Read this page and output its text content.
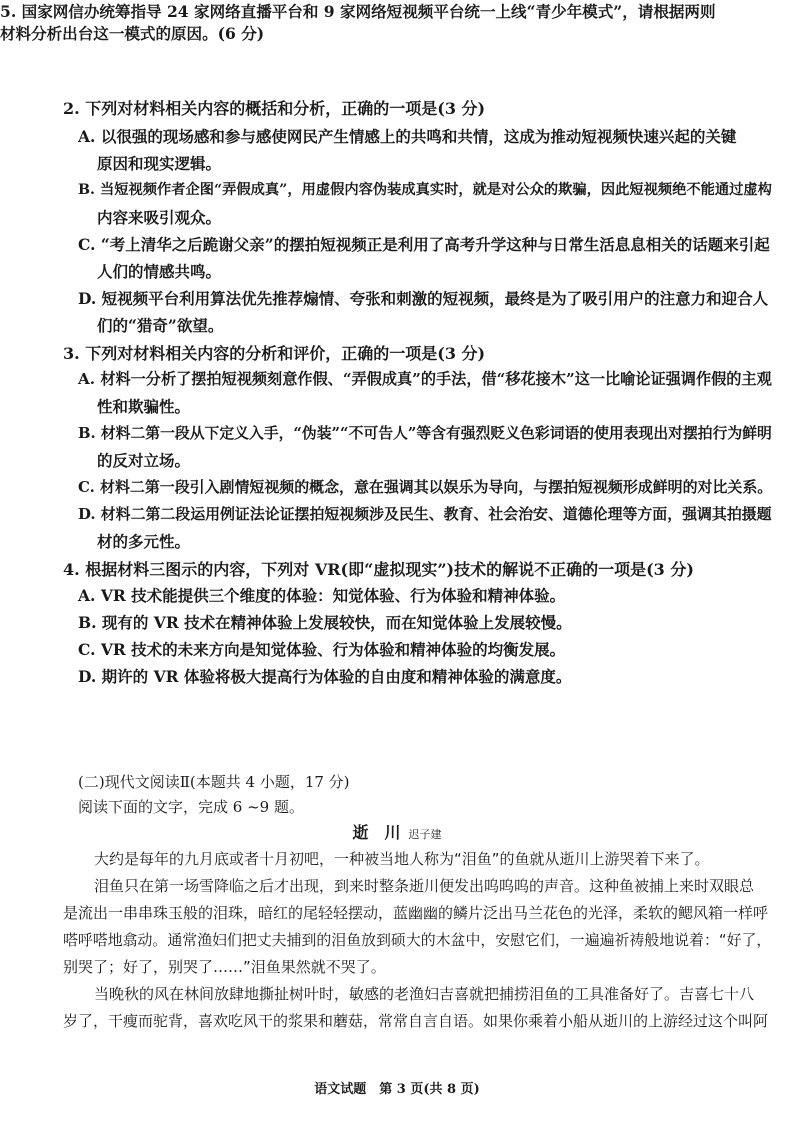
2. 下列对材料相关内容的概括和分析，正确的一项是(3 分)
A. 以很强的现场感和参与感使网民产生情感上的共鸣和共情，这成为推动短视频快速兴起的关键
原因和现实逻辑。
B. 当短视频作者企图“弄假成真”，用虚假内容伪装成真实时，就是对公众的欺骗，因此短视频绝不能通过虚构
内容来吸引观众。
C. “考上清华之后跪谢父亲”的摆拍短视频正是利用了高考升学这种与日常生活息息相关的话题来引起
人们的情感共鸣。
D. 短视频平台利用算法优先推荐煽情、夸张和刺激的短视频，最终是为了吸引用户的注意力和迎合人
们的“猎奇”欲望。
3. 下列对材料相关内容的分析和评价，正确的一项是(3 分)
A. 材料一分析了摆拍短视频刻意作假、“弄假成真”的手法，借“移花接木”这一比喻论证强调作假的主观
性和欺骗性。
B. 材料二第一段从下定义入手，“伪装”“不可告人”等含有强烈贬义色彩词语的使用表现出对摆拍行为鲜明
的反对立场。
C. 材料二第一段引入剧情短视频的概念，意在强调其以娱乐为导向，与摆拍短视频形成鲜明的对比关系。
D. 材料二第二段运用例证法论证摆拍短视频涉及民生、教育、社会治安、道德伦理等方面，强调其拍摄题
材的多元性。
4. 根据材料三图示的内容，下列对 VR(即“虚拟现实”)技术的解说不正确的一项是(3 分)
A. VR 技术能提供三个维度的体验：知觉体验、行为体验和精神体验。
B. 现有的 VR 技术在精神体验上发展较快，而在知觉体验上发展较慢。
C. VR 技术的未来方向是知觉体验、行为体验和精神体验的均衡发展。
D. 期许的 VR 体验将极大提高行为体验的自由度和精神体验的满意度。
5. 国家网信办统筹指导 24 家网络直播平台和 9 家网络短视频平台统一上线“青少年模式”，请根据两则
材料分析出台这一模式的原因。(6 分)
(二)现代文阅读Ⅱ(本题共 4 小题，17 分)
阅读下面的文字，完成 6 ~9 题。
逝　川 迟子建
大约是每年的九月底或者十月初吧，一种被当地人称为“泪鱼”的鱼就从逝川上游哭着下来了。
泪鱼只在第一场雪降临之后才出现，到来时整条逝川便发出呜呜呜的声音。这种鱼被捕上来时双眼总
是流出一串串珠玉般的泪珠，暗红的尾轻轻摆动，蓝幽幽的鳞片泛出马兰花色的光泽，柔软的鳃风箱一样呼
嗒呼嗒地翕动。通常渔妇们把丈夫捕到的泪鱼放到硕大的木盆中，安慰它们，一遍遍祈祷般地说着：“好了，
别哭了；好了，别哭了……”泪鱼果然就不哭了。
当晚秋的风在林间放肆地撕扯树叶时，敏感的老渔妇吉喜就把捕捞泪鱼的工具准备好了。吉喜七十八
岁了，干瘦而驼背，喜欢吃风干的浆果和蘑菇，常常自言自语。如果你乘着小船从逝川的上游经过这个叫阿
语文试题　第 3 页(共 8 页)
